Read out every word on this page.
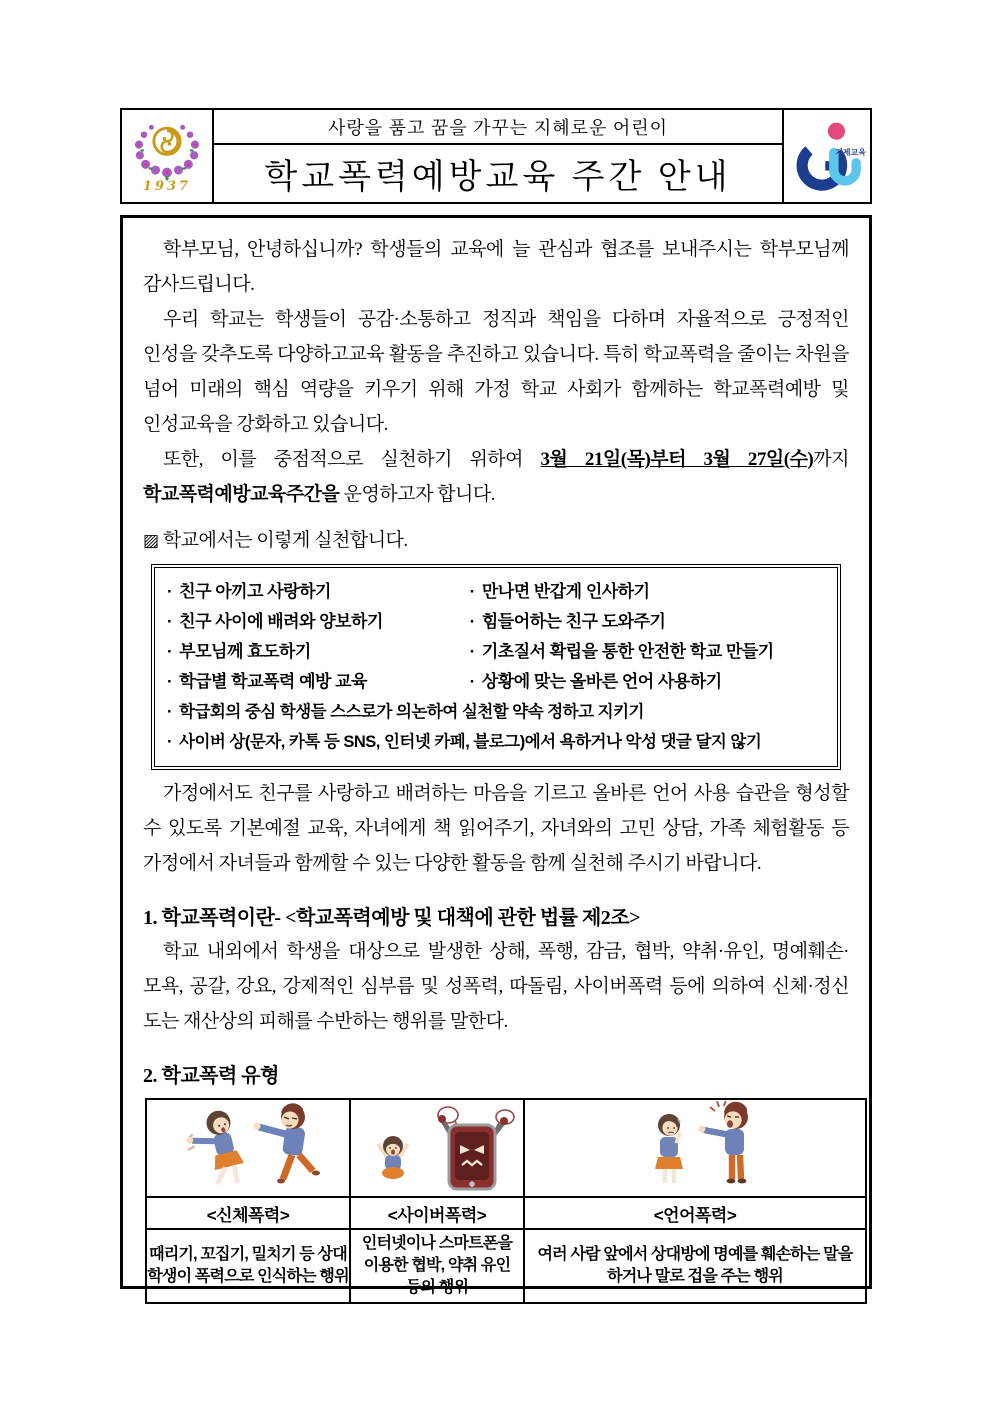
1937
사랑을 품고 꿈을 가꾸는 지혜로운 어린이
학교폭력예방교육 주간 안내
거제교육

학부모님, 안녕하십니까? 학생들의 교육에 늘 관심과 협조를 보내주시는 학부모님께 감사드립니다.

우리 학교는 학생들이 공감·소통하고 정직과 책임을 다하며 자율적으로 긍정적인 인성을 갖추도록 다양하고교육 활동을 추진하고 있습니다. 특히 학교폭력을 줄이는 차원을 넘어 미래의 핵심 역량을 키우기 위해 가정 학교 사회가 함께하는 학교폭력예방 및 인성교육을 강화하고 있습니다.

또한, 이를 중점적으로 실천하기 위하여 3월 21일(목)부터 3월 27일(수)까지 학교폭력예방교육주간을 운영하고자 합니다.

▨ 학교에서는 이렇게 실천합니다.

· 친구 아끼고 사랑하기	· 만나면 반갑게 인사하기
· 친구 사이에 배려와 양보하기	· 힘들어하는 친구 도와주기
· 부모님께 효도하기	· 기초질서 확립을 통한 안전한 학교 만들기
· 학급별 학교폭력 예방 교육	· 상황에 맞는 올바른 언어 사용하기
· 학급회의 중심 학생들 스스로가 의논하여 실천할 약속 정하고 지키기
· 사이버 상(문자, 카톡 등 SNS, 인터넷 카페, 블로그)에서 욕하거나 악성 댓글 달지 않기

가정에서도 친구를 사랑하고 배려하는 마음을 기르고 올바른 언어 사용 습관을 형성할 수 있도록 기본예절 교육, 자녀에게 책 읽어주기, 자녀와의 고민 상담, 가족 체험활동 등 가정에서 자녀들과 함께할 수 있는 다양한 활동을 함께 실천해 주시기 바랍니다.

1. 학교폭력이란- <학교폭력예방 및 대책에 관한 법률 제2조>

학교 내외에서 학생을 대상으로 발생한 상해, 폭행, 감금, 협박, 약취·유인, 명예훼손·모욕, 공갈, 강요, 강제적인 심부름 및 성폭력, 따돌림, 사이버폭력 등에 의하여 신체·정신 도는 재산상의 피해를 수반하는 행위를 말한다.

2. 학교폭력 유형

<신체폭력>	<사이버폭력>	<언어폭력>
때리기, 꼬집기, 밀치기 등 상대 학생이 폭력으로 인식하는 행위	인터넷이나 스마트폰을 이용한 협박, 약취 유인 등의 행위	여러 사람 앞에서 상대방에 명예를 훼손하는 말을 하거나 말로 겁을 주는 행위
